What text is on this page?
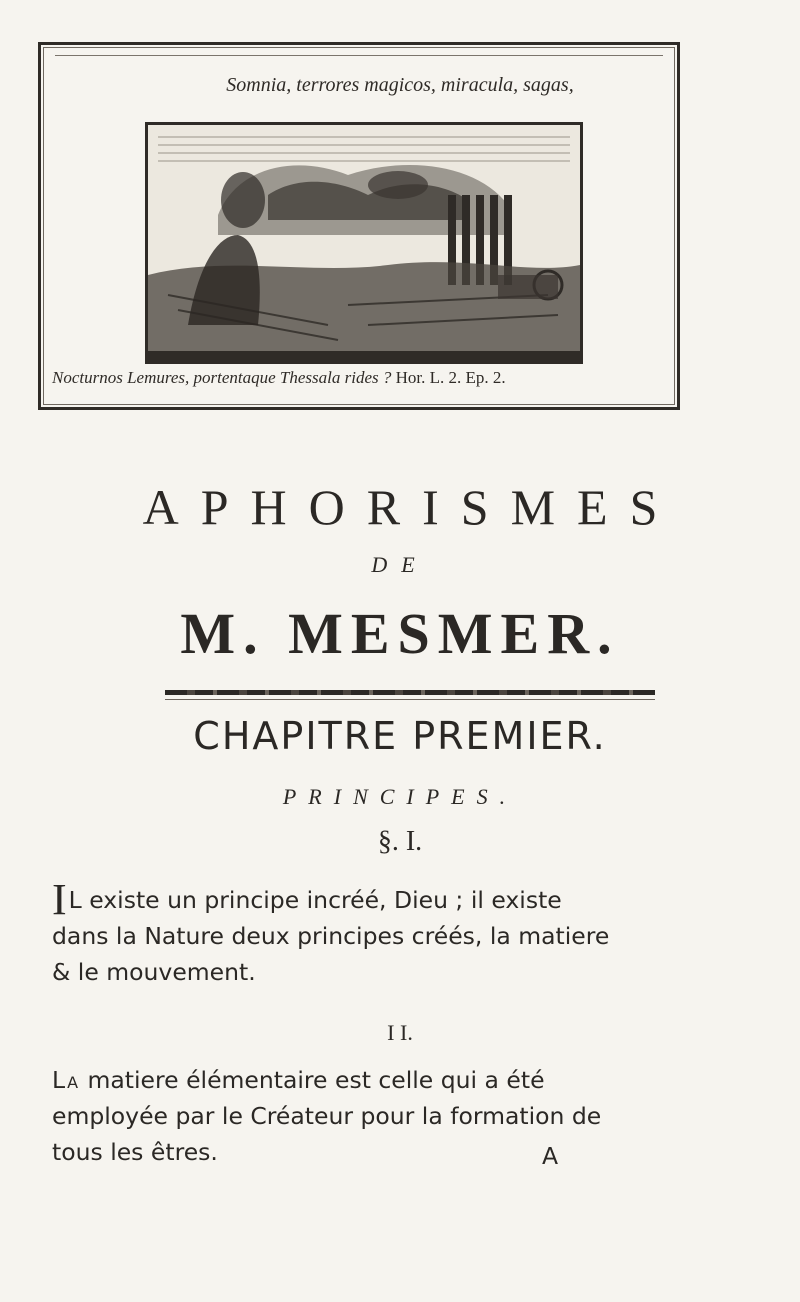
Somnia, terrores magicos, miracula, sagas,
Nocturnos Lemures, portentaque Thessala rides ? Hor. L. 2. Ep. 2.
APHORISMES
DE
M. MESMER.
CHAPITRE PREMIER.
PRINCIPES.
§. I.
I L existe un principe incréé, Dieu ; il existe
dans la Nature deux principes créés, la matiere
& le mouvement.
I I.
La matiere élémentaire est celle qui a été
employée par le Créateur pour la formation de
tous les êtres.	A
